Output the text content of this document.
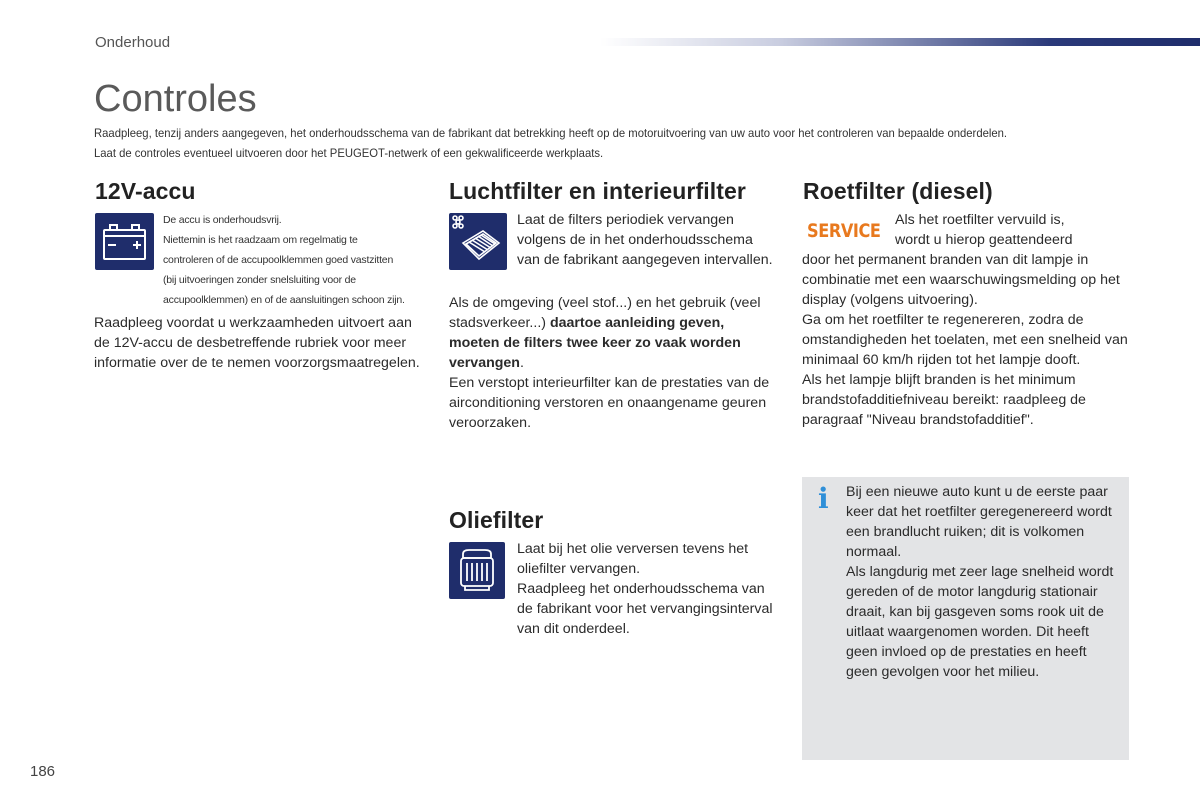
Onderhoud
Controles

Raadpleeg, tenzij anders aangegeven, het onderhoudsschema van de fabrikant dat betrekking heeft op de motoruitvoering van uw auto voor het controleren van bepaalde onderdelen.

Laat de controles eventueel uitvoeren door het PEUGEOT-netwerk of een gekwalificeerde werkplaats.

12V-accu

De accu is onderhoudsvrij.

Niettemin is het raadzaam om regelmatig te

controleren of de accupoolklemmen goed vastzitten

(bij uitvoeringen zonder snelsluiting voor de

accupoolklemmen) en of de aansluitingen schoon zijn.

Raadpleeg voordat u werkzaamheden uitvoert aan de 12V-accu de desbetreffende rubriek voor meer informatie over de te nemen voorzorgsmaatregelen.

Luchtfilter en interieurfilter

Laat de filters periodiek vervangen volgens de in het onderhoudsschema van de fabrikant aangegeven intervallen.

Als de omgeving (veel stof...) en het gebruik (veel stadsverkeer...) daartoe aanleiding geven, moeten de filters twee keer zo vaak worden vervangen.

Een verstopt interieurfilter kan de prestaties van de airconditioning verstoren en onaangename geuren veroorzaken.

Oliefilter

Laat bij het olie verversen tevens het oliefilter vervangen.

Raadpleeg het onderhoudsschema van de fabrikant voor het vervangingsinterval van dit onderdeel.

Roetfilter (diesel)
SERVICE Als het roetfilter vervuild is,

wordt u hierop geattendeerd

door het permanent branden van dit lampje in combinatie met een waarschuwingsmelding op het display (volgens uitvoering).

Ga om het roetfilter te regenereren, zodra de omstandigheden het toelaten, met een snelheid van minimaal 60 km/h rijden tot het lampje dooft.

Als het lampje blijft branden is het minimum brandstofadditiefniveau bereikt: raadpleeg de paragraaf "Niveau brandstofadditief".

i Bij een nieuwe auto kunt u de eerste paar keer dat het roetfilter geregenereerd wordt een brandlucht ruiken; dit is volkomen normaal.

Als langdurig met zeer lage snelheid wordt gereden of de motor langdurig stationair draait, kan bij gasgeven soms rook uit de uitlaat waargenomen worden. Dit heeft geen invloed op de prestaties en heeft geen gevolgen voor het milieu.

186
